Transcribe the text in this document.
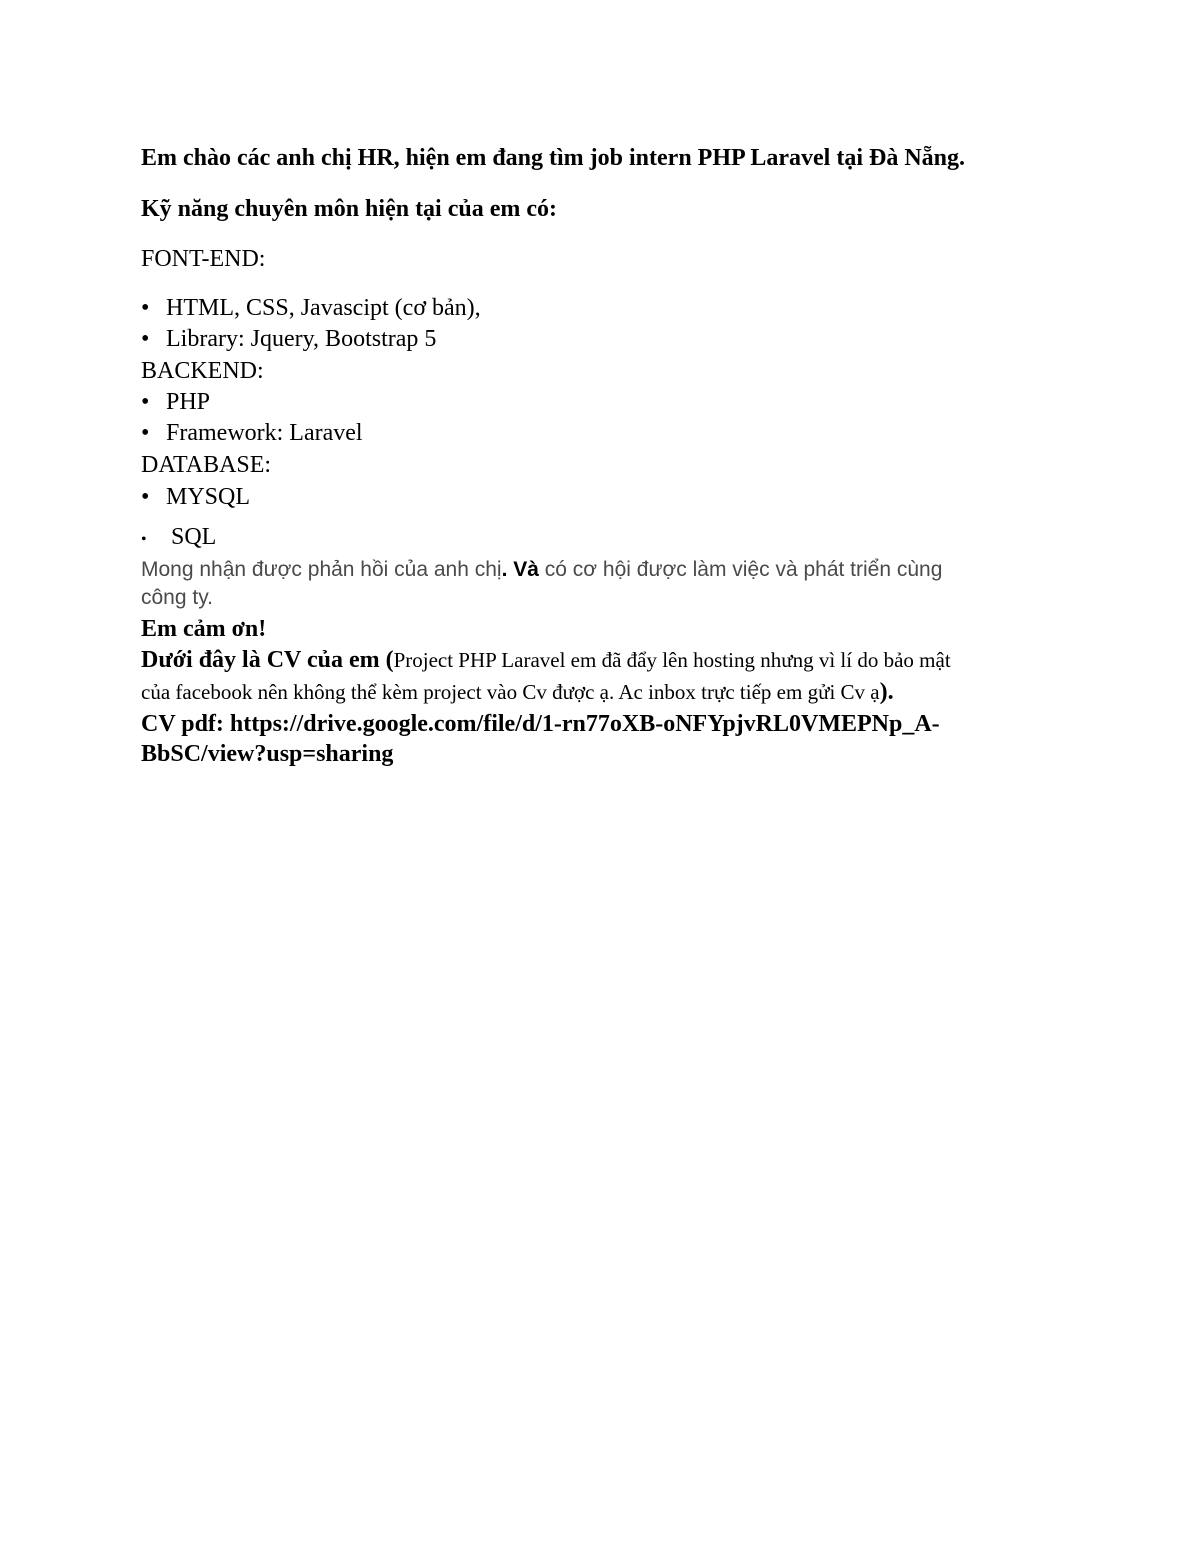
Em chào các anh chị HR, hiện em đang tìm job intern PHP Laravel tại Đà Nẵng.
Kỹ năng chuyên môn hiện tại của em có:
FONT-END:
• HTML, CSS, Javascipt (cơ bản),
• Library: Jquery, Bootstrap 5
BACKEND:
• PHP
• Framework: Laravel
DATABASE:
• MYSQL
• SQL
Mong nhận được phản hồi của anh chị. Và có cơ hội được làm việc và phát triển cùng
công ty.
Em cảm ơn!
Dưới đây là CV của em (Project PHP Laravel em đã đẩy lên hosting nhưng vì lí do bảo mật
của facebook nên không thể kèm project vào Cv được ạ. Ac inbox trực tiếp em gửi Cv ạ).
CV pdf: https://drive.google.com/file/d/1-rn77oXB-oNFYpjvRL0VMEPNp_A-
BbSC/view?usp=sharing
